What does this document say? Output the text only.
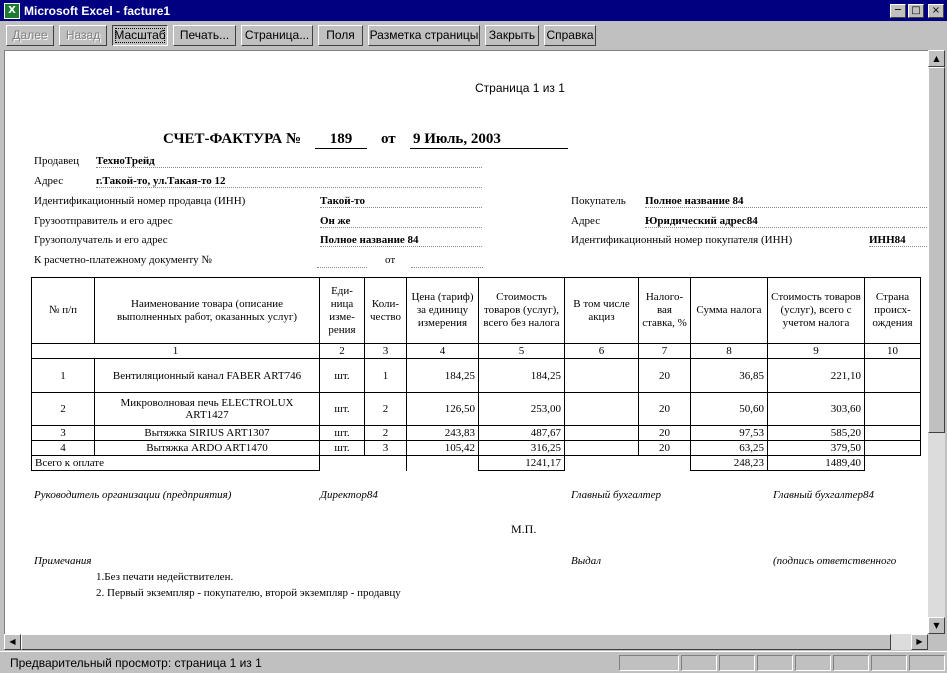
X Microsoft Excel - facture1	─	□	×
Далее	Назад	Масштаб	Печать...	Страница...	Поля	Разметка страницы Закрыть Справка
Страница 1 из 1
СЧЕТ-ФАКТУРА №	189	от 9 Июль, 2003
Продавец ТехноТрейд
Адрес	г.Такой-то, ул.Такая-то 12
Идентификационный номер продавца (ИНН)	Такой-то
Грузоотправитель и его адрес	Он же
Грузополучатель и его адрес	Полное название 84
К расчетно-платежному документу №	от
Покупатель Полное название 84
Адрес	Юридический адрес84
Идентификационный номер покупателя (ИНН)	ИНН84
№ п/п	Наименование товара (описание выполненных работ, оказанных услуг)	Еди-ница изме-рения	Коли-чество	Цена (тариф) за единицу измерения	Стоимость товаров (услуг), всего без налога	В том числе акциз	Налого-вая ставка, %	Сумма налога	Стоимость товаров (услуг), всего с учетом налога	Страна происх-ождения
1		2	3	4	5	6	7	8	9	10
1	Вентиляционный канал FABER ART746	шт.	1	184,25	184,25		20	36,85	221,10	
2	Микроволновая печь ELECTROLUX ART1427	шт.	2	126,50	253,00		20	50,60	303,60	
3	Вытяжка SIRIUS ART1307	шт.	2	243,83	487,67		20	97,53	585,20	
4	Вытяжка ARDO ART1470	шт.	3	105,42	316,25		20	63,25	379,50	
Всего к оплате					1241,17			248,23	1489,40	
Руководитель организации (предприятия)	Директор84	Главный бухгалтер	Главный бухгалтер84
М.П.
Примечания	Выдал	(подпись ответственного
1.Без печати недействителен.
2. Первый экземпляр - покупателю, второй экземпляр - продавцу
▲
▼
◀	▶
Предварительный просмотр: страница 1 из 1
